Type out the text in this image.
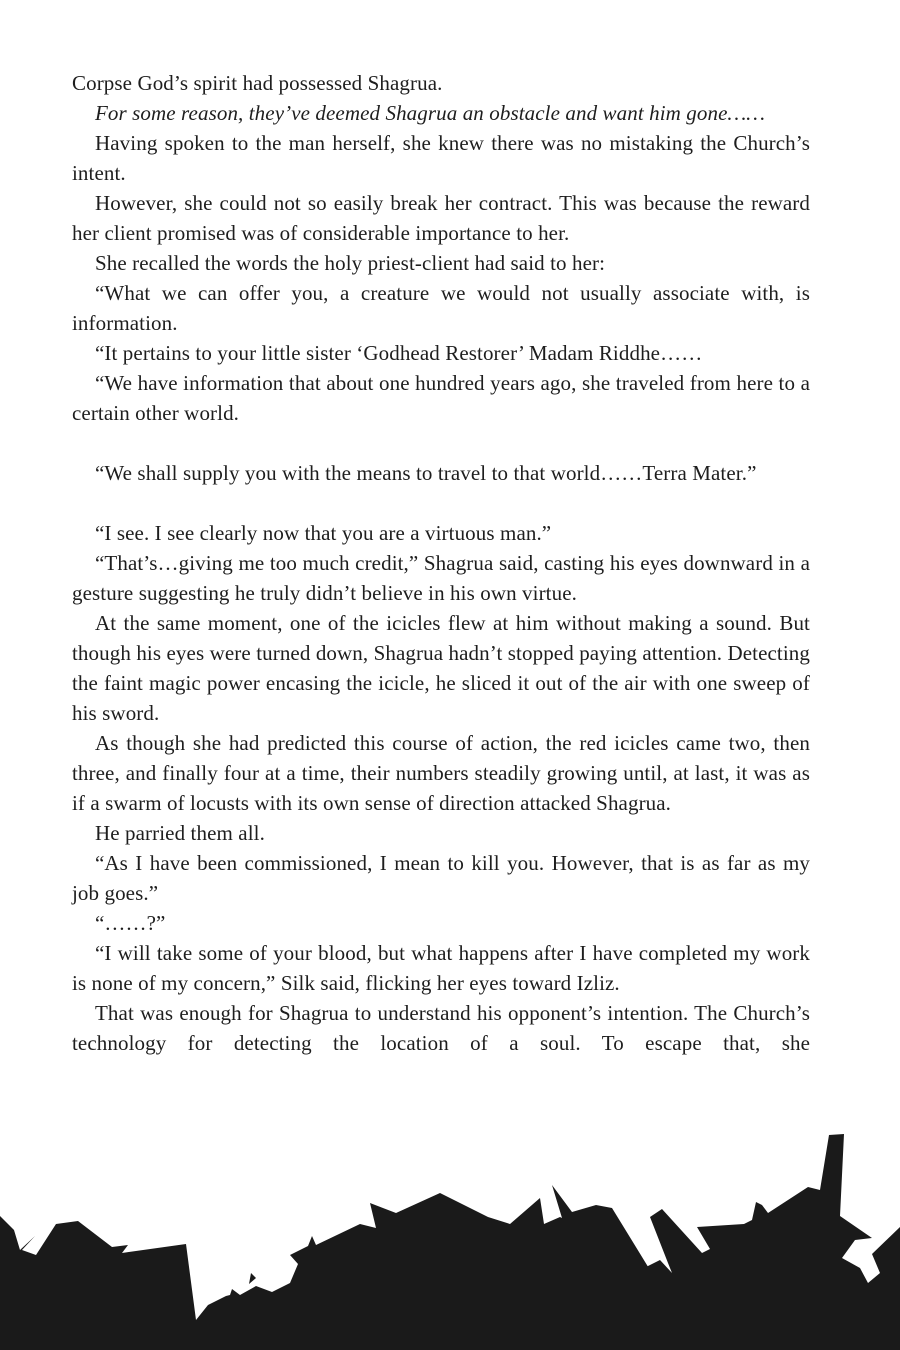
Corpse God’s spirit had possessed Shagrua.

For some reason, they’ve deemed Shagrua an obstacle and want him gone……

Having spoken to the man herself, she knew there was no mistaking the Church’s intent.

However, she could not so easily break her contract. This was because the reward her client promised was of considerable importance to her.

She recalled the words the holy priest-client had said to her:

“What we can offer you, a creature we would not usually associate with, is information.

“It pertains to your little sister ‘Godhead Restorer’ Madam Riddhe……

“We have information that about one hundred years ago, she traveled from here to a certain other world.

“We shall supply you with the means to travel to that world……Terra Mater.”

“I see. I see clearly now that you are a virtuous man.”

“That’s…giving me too much credit,” Shagrua said, casting his eyes downward in a gesture suggesting he truly didn’t believe in his own virtue.

At the same moment, one of the icicles flew at him without making a sound. But though his eyes were turned down, Shagrua hadn’t stopped paying attention. Detecting the faint magic power encasing the icicle, he sliced it out of the air with one sweep of his sword.

As though she had predicted this course of action, the red icicles came two, then three, and finally four at a time, their numbers steadily growing until, at last, it was as if a swarm of locusts with its own sense of direction attacked Shagrua.

He parried them all.

“As I have been commissioned, I mean to kill you. However, that is as far as my job goes.”

“……?”

“I will take some of your blood, but what happens after I have completed my work is none of my concern,” Silk said, flicking her eyes toward Izliz.

That was enough for Shagrua to understand his opponent’s intention. The Church’s technology for detecting the location of a soul. To escape that, she
